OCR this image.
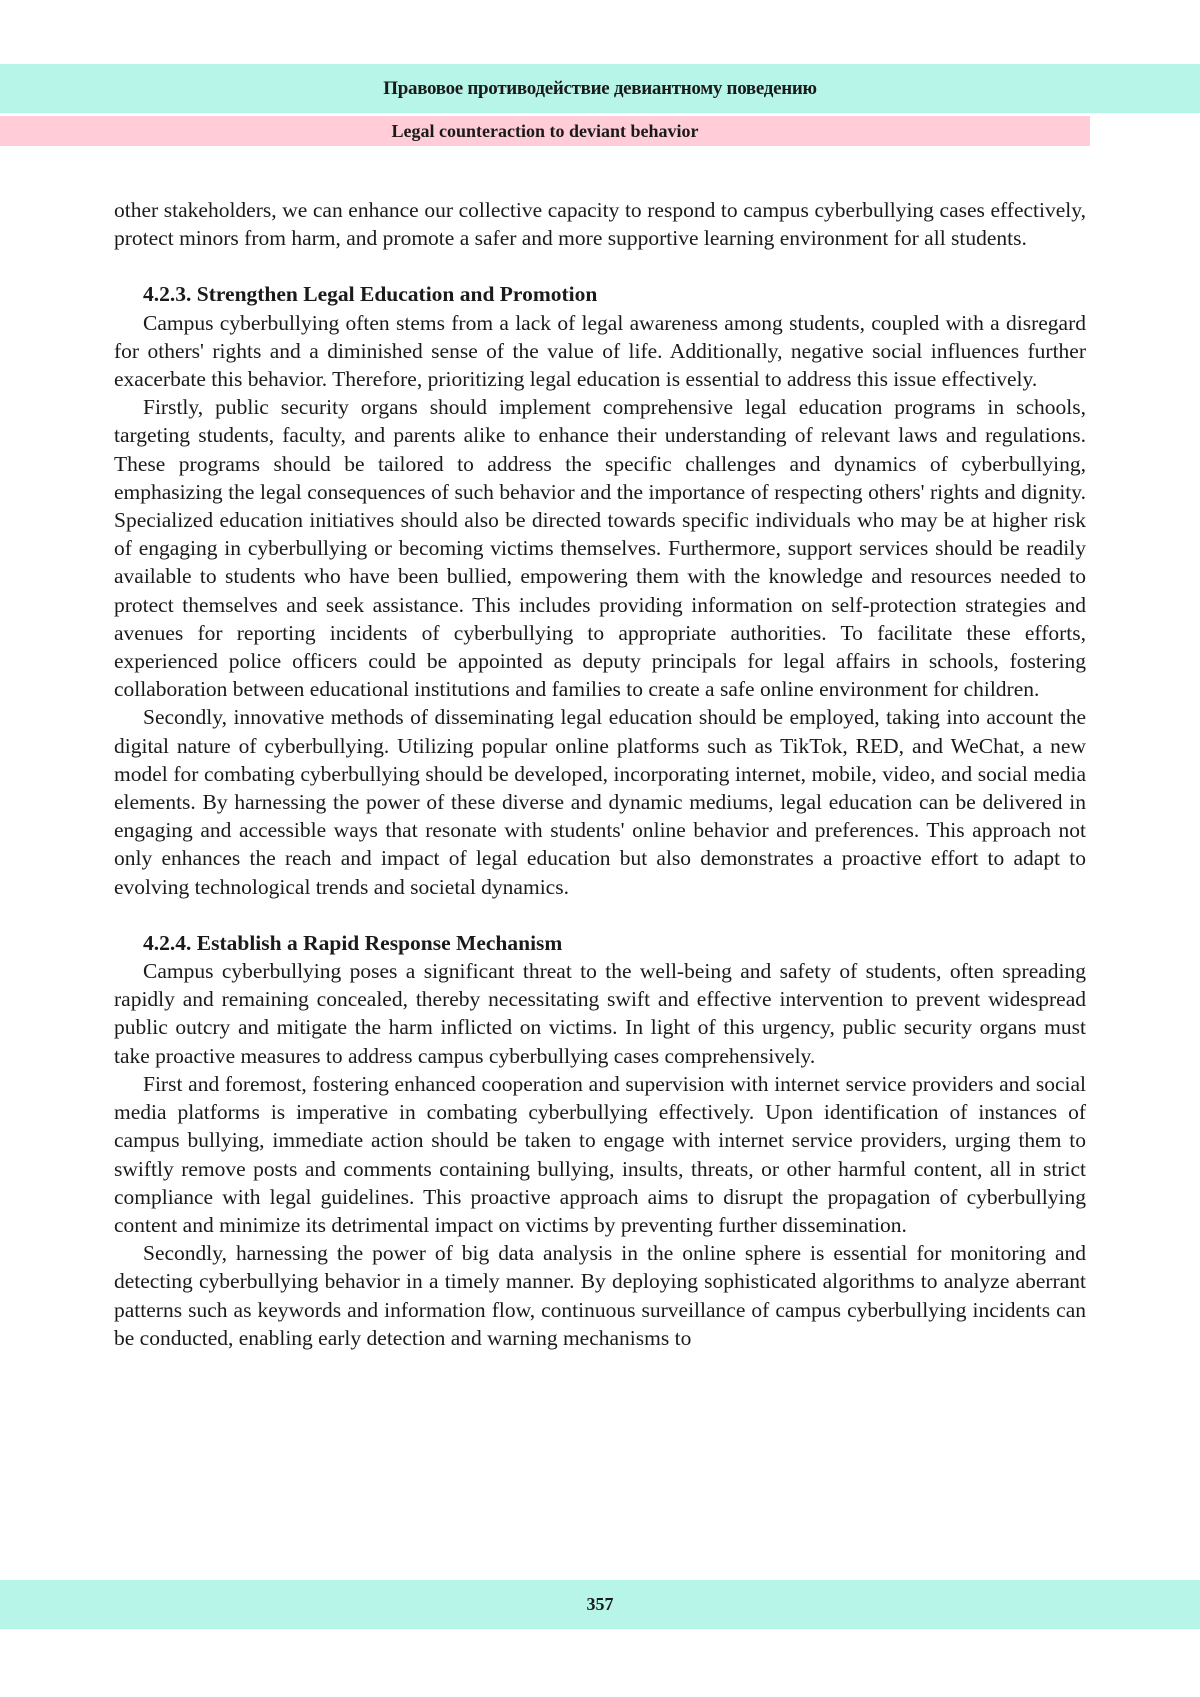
Правовое противодействие девиантному поведению
Legal counteraction to deviant behavior

other stakeholders, we can enhance our collective capacity to respond to campus cyberbullying cases effectively, protect minors from harm, and promote a safer and more supportive learning environment for all students.

4.2.3. Strengthen Legal Education and Promotion

Campus cyberbullying often stems from a lack of legal awareness among students, coupled with a disregard for others' rights and a diminished sense of the value of life. Additionally, negative social influences further exacerbate this behavior. Therefore, prioritizing legal education is essential to address this issue effectively.

Firstly, public security organs should implement comprehensive legal education programs in schools, targeting students, faculty, and parents alike to enhance their understanding of relevant laws and regulations. These programs should be tailored to address the specific challenges and dynamics of cyberbullying, emphasizing the legal consequences of such behavior and the importance of respecting others' rights and dignity. Specialized education initiatives should also be directed towards specific individuals who may be at higher risk of engaging in cyberbullying or becoming victims themselves. Furthermore, support services should be readily available to students who have been bullied, empowering them with the knowledge and resources needed to protect themselves and seek assistance. This includes providing information on self-protection strategies and avenues for reporting incidents of cyberbullying to appropriate authorities. To facilitate these efforts, experienced police officers could be appointed as deputy principals for legal affairs in schools, fostering collaboration between educational institutions and families to create a safe online environment for children.

Secondly, innovative methods of disseminating legal education should be employed, taking into account the digital nature of cyberbullying. Utilizing popular online platforms such as TikTok, RED, and WeChat, a new model for combating cyberbullying should be developed, incorporating internet, mobile, video, and social media elements. By harnessing the power of these diverse and dynamic mediums, legal education can be delivered in engaging and accessible ways that resonate with students' online behavior and preferences. This approach not only enhances the reach and impact of legal education but also demonstrates a proactive effort to adapt to evolving technological trends and societal dynamics.

4.2.4. Establish a Rapid Response Mechanism

Campus cyberbullying poses a significant threat to the well-being and safety of students, often spreading rapidly and remaining concealed, thereby necessitating swift and effective intervention to prevent widespread public outcry and mitigate the harm inflicted on victims. In light of this urgency, public security organs must take proactive measures to address campus cyberbullying cases comprehensively.

First and foremost, fostering enhanced cooperation and supervision with internet service providers and social media platforms is imperative in combating cyberbullying effectively. Upon identification of instances of campus bullying, immediate action should be taken to engage with internet service providers, urging them to swiftly remove posts and comments containing bullying, insults, threats, or other harmful content, all in strict compliance with legal guidelines. This proactive approach aims to disrupt the propagation of cyberbullying content and minimize its detrimental impact on victims by preventing further dissemination.

Secondly, harnessing the power of big data analysis in the online sphere is essential for monitoring and detecting cyberbullying behavior in a timely manner. By deploying sophisticated algorithms to analyze aberrant patterns such as keywords and information flow, continuous surveillance of campus cyberbullying incidents can be conducted, enabling early detection and warning mechanisms to

357
